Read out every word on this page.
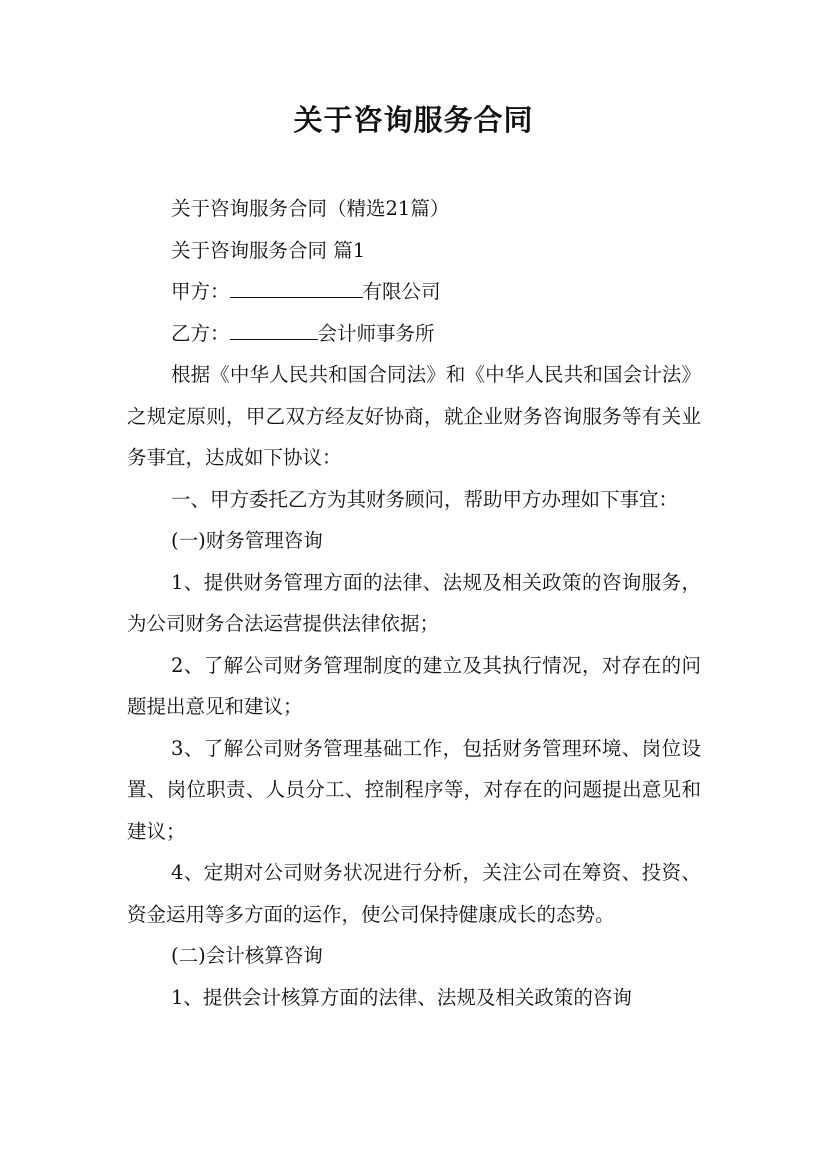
关于咨询服务合同

关于咨询服务合同（精选21篇）

关于咨询服务合同 篇1

甲方：	有限公司

乙方：	会计师事务所

根据《中华人民共和国合同法》和《中华人民共和国会计法》之规定原则，甲乙双方经友好协商，就企业财务咨询服务等有关业务事宜，达成如下协议：

一、甲方委托乙方为其财务顾问，帮助甲方办理如下事宜：

(一)财务管理咨询

1、提供财务管理方面的法律、法规及相关政策的咨询服务，为公司财务合法运营提供法律依据；

2、了解公司财务管理制度的建立及其执行情况，对存在的问题提出意见和建议；

3、了解公司财务管理基础工作，包括财务管理环境、岗位设置、岗位职责、人员分工、控制程序等，对存在的问题提出意见和建议；

4、定期对公司财务状况进行分析，关注公司在筹资、投资、资金运用等多方面的运作，使公司保持健康成长的态势。

(二)会计核算咨询

1、提供会计核算方面的法律、法规及相关政策的咨询
